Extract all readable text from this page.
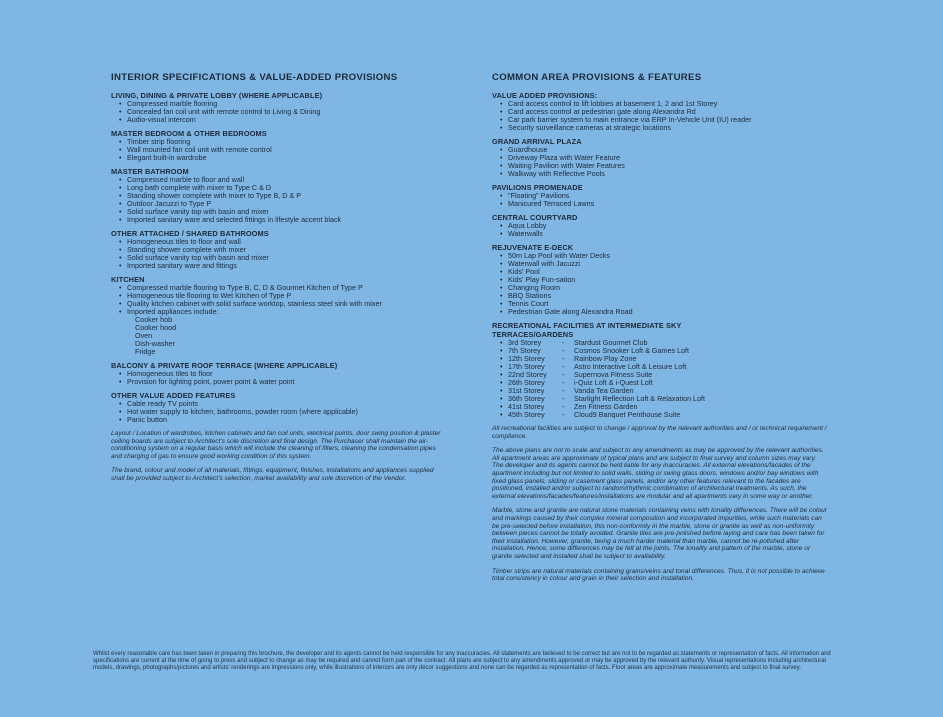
INTERIOR SPECIFICATIONS & VALUE-ADDED PROVISIONS
LIVING, DINING & PRIVATE LOBBY (WHERE APPLICABLE)
• Compressed marble flooring
• Concealed fan coil unit with remote control to Living & Dining
• Audio-visual intercom
MASTER BEDROOM & OTHER BEDROOMS
• Timber strip flooring
• Wall mounted fan coil unit with remote control
• Elegant built-in wardrobe
MASTER BATHROOM
• Compressed marble to floor and wall
• Long bath complete with mixer to Type C & D
• Standing shower complete with mixer to Type B, D & P
• Outdoor Jacuzzi to Type P
• Solid surface vanity top with basin and mixer
• Imported sanitary ware and selected fittings in lifestyle accent black
OTHER ATTACHED / SHARED BATHROOMS
• Homogeneous tiles to floor and wall
• Standing shower complete with mixer
• Solid surface vanity top with basin and mixer
• Imported sanitary ware and fittings
KITCHEN
• Compressed marble flooring to Type B, C, D & Gourmet Kitchen of Type P
• Homogeneous tile flooring to Wet Kitchen of Type P
• Quality kitchen cabinet with solid surface worktop, stainless steel sink with mixer
• Imported appliances include:
Cooker hob
Cooker hood
Oven
Dish-washer
Fridge
BALCONY & PRIVATE ROOF TERRACE (WHERE APPLICABLE)
• Homogeneous tiles to floor
• Provision for lighting point, power point & water point
OTHER VALUE ADDED FEATURES
• Cable ready TV points
• Hot water supply to kitchen, bathrooms, powder room (where applicable)
• Panic button

Layout / Location of wardrobes, kitchen cabinets and fan coil units, electrical points, door swing position & plaster ceiling boards are subject to Architect's sole discretion and final design. The Purchaser shall maintain the air-conditioning system on a regular basis which will include the cleaning of filters, cleaning the condensation pipes and charging of gas to ensure good working condition of this system.

The brand, colour and model of all materials, fittings, equipment, finishes, installations and appliances supplied shall be provided subject to Architect's selection, market availability and sole discretion of the Vendor.

COMMON AREA PROVISIONS & FEATURES
VALUE ADDED PROVISIONS:
• Card access control to lift lobbies at basement 1, 2 and 1st Storey
• Card access control at pedestrian gate along Alexandra Rd
• Car park barrier system to main entrance via ERP In-Vehicle Unit (IU) reader
• Security surveillance cameras at strategic locations
GRAND ARRIVAL PLAZA
• Guardhouse
• Driveway Plaza with Water Feature
• Waiting Pavilion with Water Features
• Walkway with Reflective Pools
PAVILIONS PROMENADE
• "Floating" Pavilions
• Manicured Terraced Lawns
CENTRAL COURTYARD
• Aqua Lobby
• Waterwalls
REJUVENATE E-DECK
• 50m Lap Pool with Water Decks
• Waterwall with Jacuzzi
• Kids' Pool
• Kids' Play Fun-sation
• Changing Room
• BBQ Stations
• Tennis Court
• Pedestrian Gate along Alexandra Road
RECREATIONAL FACILITIES AT INTERMEDIATE SKY TERRACES/GARDENS
•	3rd Storey	-	Stardust Gourmet Club
•	7th Storey	-	Cosmos Snooker Loft & Games Loft
•	12th Storey	-	Rainbow Play Zone
•	17th Storey	-	Astro Interactive Loft & Leisure Loft
•	22nd Storey	-	Supernova Fitness Suite
•	26th Storey	-	i-Quiz Loft & i-Quest Loft
•	31st Storey	-	Vanda Tea Garden
•	36th Storey	-	Starlight Reflection Loft & Relaxation Loft
•	41st Storey	-	Zen Fitness Garden
•	45th Storey	-	Cloud9 Banquet Penthouse Suite

All recreational facilities are subject to change / approval by the relevant authorities and / or technical requirement / compliance.

The above plans are not to scale and subject to any amendments as may be approved by the relevant authorities. All apartment areas are approximate of typical plans and are subject to final survey and column sizes may vary. The developer and its agents cannot be held liable for any inaccuracies. All external elevations/facades of the apartment including but not limited to solid walls, sliding or swing glass doors, windows and/or bay windows with fixed glass panels, sliding or casement glass panels, and/or any other features relevant to the facades are positioned, installed and/or subject to random/rhythmic combination of architectural treatments. As such, the external elevations/facades/features/installations are modular and all apartments vary in some way or another.

Marble, stone and granite are natural stone materials containing veins with tonality differences. There will be colour and markings caused by their complex mineral composition and incorporated impurities, while such materials can be pre-selected before installation, this non-conformity in the marble, stone or granite as well as non-uniformity between pieces cannot be totally avoided. Granite tiles are pre-polished before laying and care has been taken for their installation. However, granite, being a much harder material than marble, cannot be re-polished after installation. Hence, some differences may be felt at the joints. The tonality and pattern of the marble, stone or granite selected and installed shall be subject to availability.

Timber strips are natural materials containing grains/veins and tonal differences. Thus, it is not possible to achieve total consistency in colour and grain in their selection and installation.

Whilst every reasonable care has been taken in preparing this brochure, the developer and its agents cannot be held responsible for any inaccuracies. All statements are believed to be correct but are not to be regarded as statements or representation of facts. All information and specifications are current at the time of going to press and subject to change as may be required and cannot form part of the contract. All plans are subject to any amendments approved or may be approved by the relevant authority. Visual representations including architectural models, drawings, photographs/pictures and artists' renderings are impressions only, while illustrations of interiors are only décor suggestions and none can be regarded as representation of facts. Floor areas are approximate measurements and subject to final survey.
